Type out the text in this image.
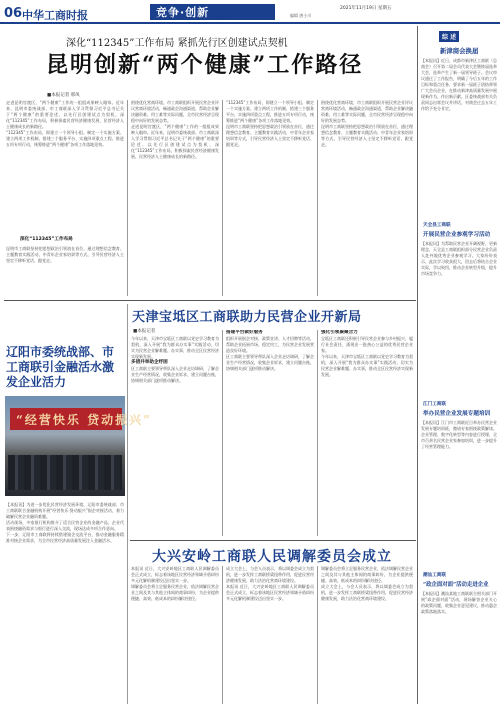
06 中华工商时报	竞争·创新
COMPETITION · INNOVATION
2021年11月19日 星期五
编辑 唐小川
深化“112345”工作布局 紧抓先行区创建试点契机
昆明创新“两个健康”工作路径
■本报记者 邢凤

走进昆明官渡区，“两个健康”工作的一组组成果映入眼帘。近年来，昆明市委统战部、市工商联深入学习贯彻习近平总书记关于“两个健康”的重要论述，以先行区创建试点为契机，深化“112345”工作布局，积极探索民营经济健康发展、民营经济人士健康成长的新路径。

“112345”工作布局，即建立一个领导小组、制定一个实施方案、建立两项工作机制、搭建三个服务平台、实施四项重点工程、推进五项专项行动，统筹推进“两个健康”各项工作落地见效。

深化“112345”工作布局

昆明市工商联坚持把思想政治引领放在首位，通过理想信念教育、主题教育实践活动、中青年企业家培训等方式，引导民营经济人士坚定不移听党话、跟党走。

围绕优化营商环境，市工商联组织开展民营企业评议营商环境活动，畅通政企沟通渠道，帮助企业解决融资难、用工难等实际问题，全市民营经济呈现稳中向好的发展态势。

走进昆明官渡区，“两个健康”工作的一组组成果映入眼帘。近年来，昆明市委统战部、市工商联深入学习贯彻习近平总书记关于“两个健康”的重要论述，以先行区创建试点为契机，深化“112345”工作布局，积极探索民营经济健康发展、民营经济人士健康成长的新路径。

“112345”工作布局，即建立一个领导小组、制定一个实施方案、建立两项工作机制、搭建三个服务平台、实施四项重点工程、推进五项专项行动，统筹推进“两个健康”各项工作落地见效。

昆明市工商联坚持把思想政治引领放在首位，通过理想信念教育、主题教育实践活动、中青年企业家培训等方式，引导民营经济人士坚定不移听党话、跟党走。

围绕优化营商环境，市工商联组织开展民营企业评议营商环境活动，畅通政企沟通渠道，帮助企业解决融资难、用工难等实际问题，全市民营经济呈现稳中向好的发展态势。

昆明市工商联坚持把思想政治引领放在首位，通过理想信念教育、主题教育实践活动、中青年企业家培训等方式，引导民营经济人士坚定不移听党话、跟党走。

辽阳市委统战部、市工商联引金融活水激发企业活力
“经营快乐 贷动振兴”

【本报讯】为进一步优化民营经济发展环境，辽阳市委统战部、市工商联联合金融机构开展“经营快乐·贷动振兴”银企对接活动，着力破解民营企业融资难题。

活动现场，多家银行机构推介了适合民营企业的金融产品，企业代表围绕融资需求与银行进行深入交流，现场达成多项合作意向。

下一步，辽阳市工商联将持续搭建银企交流平台，推动金融服务精准对接企业需求，为全市民营经济高质量发展注入金融活水。

天津宝坻区工商联助力民营企业开新局
■本报记者

今年以来，天津市宝坻区工商联以党史学习教育为契机，深入开展“我为群众办实事”实践活动，切实为民营企业解难题、办实事，推动全区民营经济实现新发展。

多措并举助企纾困

区工商联主要领导带队深入企业走访调研，了解企业生产经营情况，收集企业诉求，建立问题台账，协调相关部门逐项推动解决。

搭建平台做好服务

组织开展银企对接、政策宣讲、人才招聘等活动，帮助企业拓展市场、稳定用工，为民营企业发展营造良好环境。

区工商联主要领导带队深入企业走访调研，了解企业生产经营情况，收集企业诉求，建立问题台账，协调相关部门逐项推动解决。

强化引领凝聚合力

宝坻区工商联还积极引导民营企业参与乡村振兴，履行社会责任，涌现出一批热心公益的优秀民营企业家。

今年以来，天津市宝坻区工商联以党史学习教育为契机，深入开展“我为群众办实事”实践活动，切实为民营企业解难题、办实事，推动全区民营经济实现新发展。

大兴安岭工商联人民调解委员会成立

本报讯 近日，大兴安岭地区工商联人民调解委员会正式成立，标志着该地区民营经济领域矛盾纠纷多元化解机制建设迈出坚实一步。

调解委员会将立足服务民营企业，依法调解民营企业之间及其与其他主体间的商事纠纷，为企业提供便捷、高效、低成本的纠纷解决途径。

成立大会上，与会人员表示，将以调委会成立为契机，进一步发挥工商联桥梁纽带作用，促进民营经济健康发展，助力法治化营商环境建设。

本报讯 近日，大兴安岭地区工商联人民调解委员会正式成立，标志着该地区民营经济领域矛盾纠纷多元化解机制建设迈出坚实一步。

调解委员会将立足服务民营企业，依法调解民营企业之间及其与其他主体间的商事纠纷，为企业提供便捷、高效、低成本的纠纷解决途径。

成立大会上，与会人员表示，将以调委会成立为契机，进一步发挥工商联桥梁纽带作用，促进民营经济健康发展，助力法治化营商环境建设。

综 述
新津商会换届
【本报讯】近日，成都市新津区工商联（总商会）召开第二届会员代表大会暨换届选举大会，选举产生了新一届领导班子。会议审议通过了工作报告，明确了今后五年的工作目标和重点任务，要求新一届班子团结带领广大会员企业，在推动新津高质量发展中展现新作为、作出新贡献。区委统战部有关负责同志出席会议并讲话，对商会过去五年工作给予充分肯定。
天全县工商联
开展民营企业参观学习活动
【本报讯】为帮助民营企业开阔视野、更新理念，天全县工商联组织部分民营企业负责人赴外地优秀企业参观学习。大家纷纷表示，此次学习收获很大，回去后将结合企业实际，学以致用，推动企业转型升级，提升市场竞争力。
江门工商联
举办民营企业发展专题培训
【本报讯】江门市工商联近日举办民营企业发展专题培训班，邀请专家围绕政策解读、企业管理、数字化转型等内容进行授课，全市百余名民营企业家参加培训，进一步提升了经营管理能力。
潮汕工商联
“政企面对面”活动走进企业
【本报讯】潮汕某地工商联联合相关部门开展“政企面对面”活动，现场解答企业关心的政策问题，收集企业意见建议，推动惠企政策落地落实。
